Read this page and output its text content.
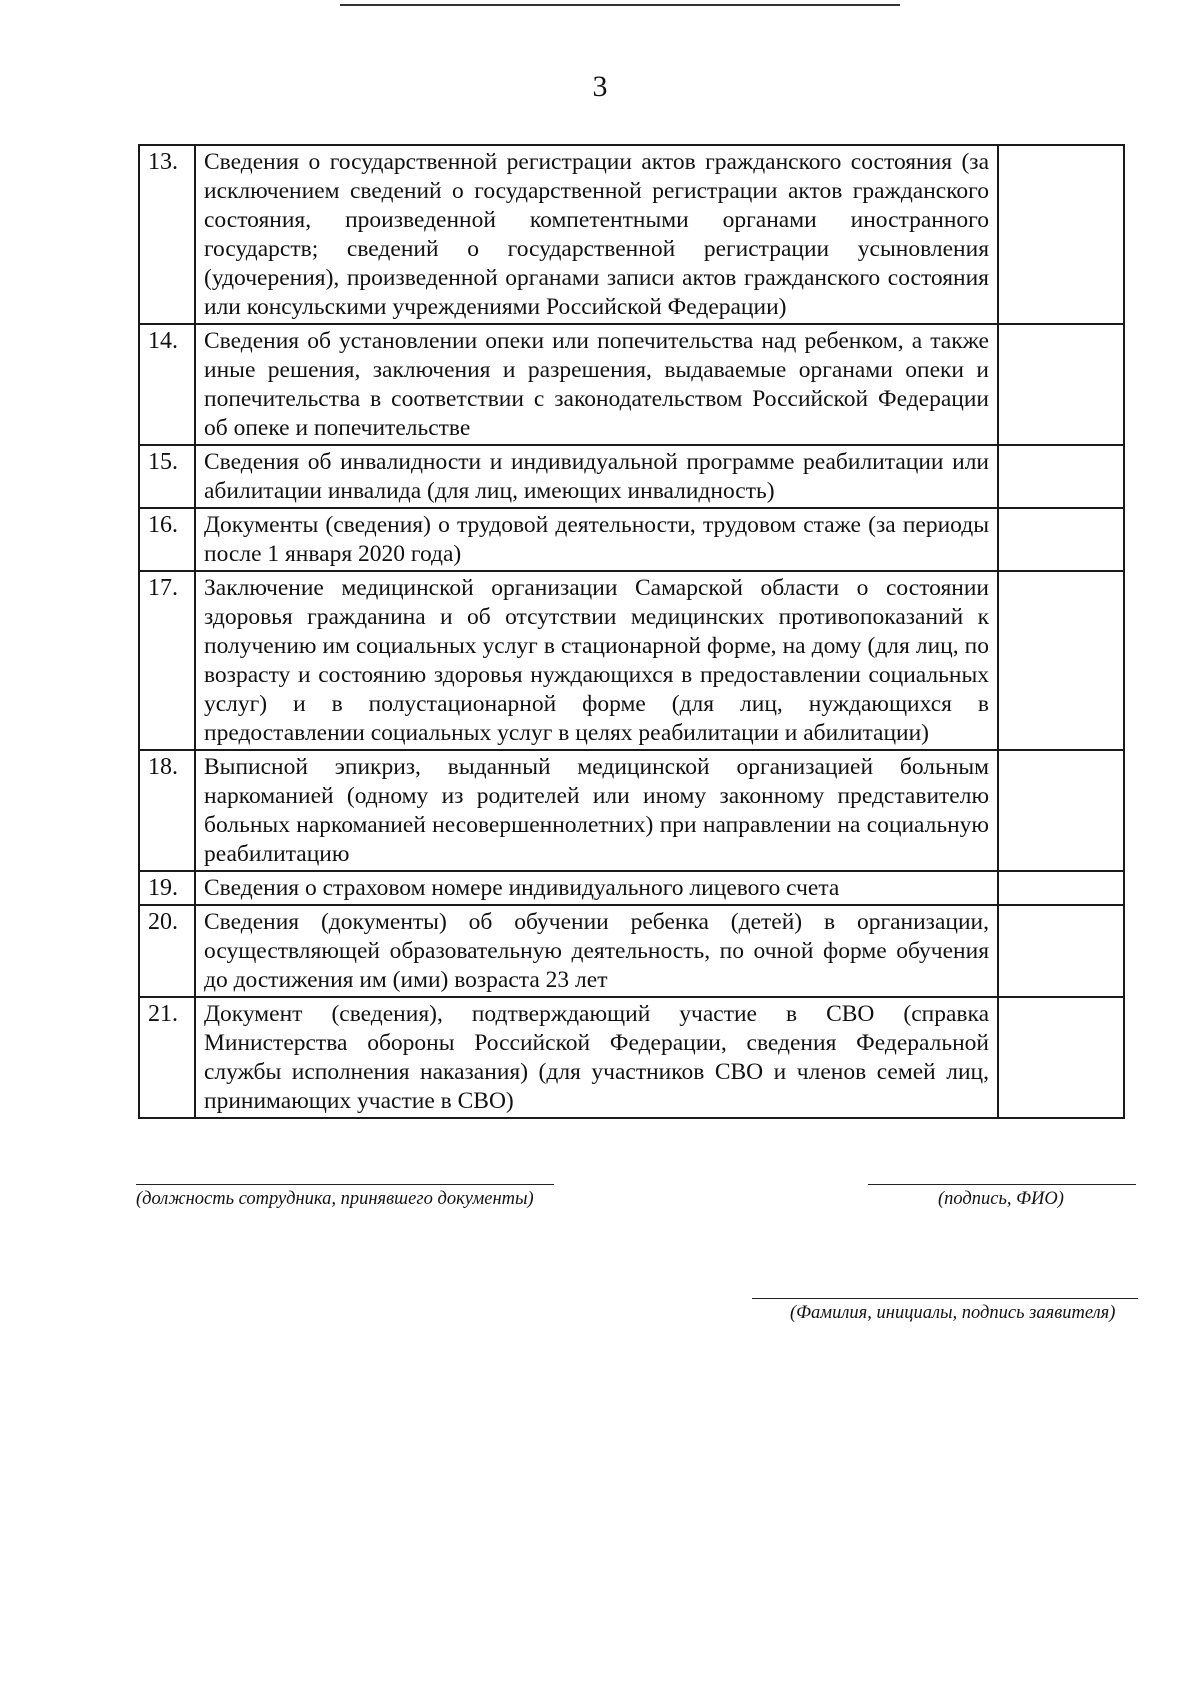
3
13.	Сведения о государственной регистрации актов гражданского состояния (за исключением сведений о государственной регистрации актов гражданского состояния, произведенной компетентными органами иностранного государств; сведений о государственной регистрации усыновления (удочерения), произведенной органами записи актов гражданского состояния или консульскими учреждениями Российской Федерации)	
14.	Сведения об установлении опеки или попечительства над ребенком, а также иные решения, заключения и разрешения, выдаваемые органами опеки и попечительства в соответствии с законодательством Российской Федерации об опеке и попечительстве	
15.	Сведения об инвалидности и индивидуальной программе реабилитации или абилитации инвалида (для лиц, имеющих инвалидность)	
16.	Документы (сведения) о трудовой деятельности, трудовом стаже (за периоды после 1 января 2020 года)	
17.	Заключение медицинской организации Самарской области о состоянии здоровья гражданина и об отсутствии медицинских противопоказаний к получению им социальных услуг в стационарной форме, на дому (для лиц, по возрасту и состоянию здоровья нуждающихся в предоставлении социальных услуг) и в полустационарной форме (для лиц, нуждающихся в предоставлении социальных услуг в целях реабилитации и абилитации)	
18.	Выписной эпикриз, выданный медицинской организацией больным наркоманией (одному из родителей или иному законному представителю больных наркоманией несовершеннолетних) при направлении на социальную реабилитацию	
19.	Сведения о страховом номере индивидуального лицевого счета	
20.	Сведения (документы) об обучении ребенка (детей) в организации, осуществляющей образовательную деятельность, по очной форме обучения до достижения им (ими) возраста 23 лет	
21.	Документ (сведения), подтверждающий участие в СВО (справка Министерства обороны Российской Федерации, сведения Федеральной службы исполнения наказания) (для участников СВО и членов семей лиц, принимающих участие в СВО)	
(должность сотрудника, принявшего документы)	(подпись, ФИО)
(Фамилия, инициалы, подпись заявителя)
